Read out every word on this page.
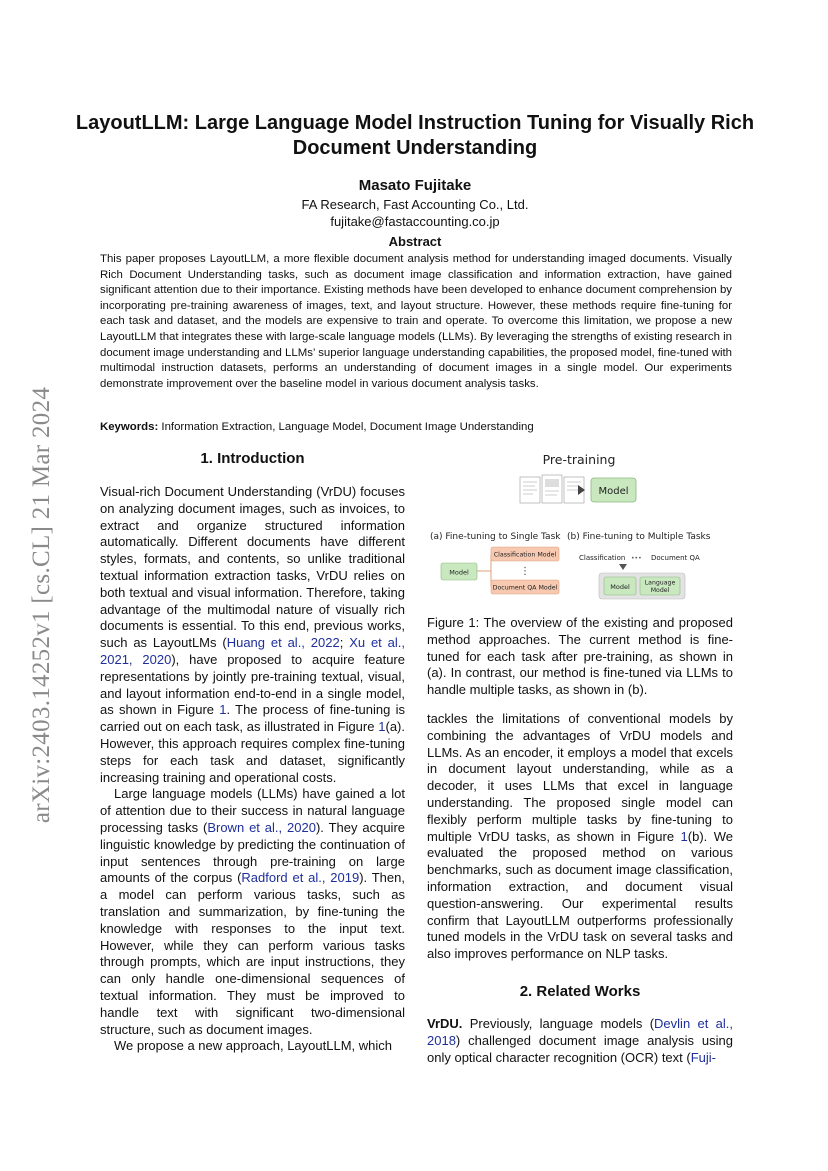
arXiv:2403.14252v1 [cs.CL] 21 Mar 2024
LayoutLLM: Large Language Model Instruction Tuning for Visually Rich Document Understanding
Masato Fujitake
FA Research, Fast Accounting Co., Ltd.
fujitake@fastaccounting.co.jp
Abstract
This paper proposes LayoutLLM, a more flexible document analysis method for understanding imaged documents. Visually Rich Document Understanding tasks, such as document image classification and information extraction, have gained significant attention due to their importance. Existing methods have been developed to enhance document comprehension by incorporating pre-training awareness of images, text, and layout structure. However, these methods require fine-tuning for each task and dataset, and the models are expensive to train and operate. To overcome this limitation, we propose a new LayoutLLM that integrates these with large-scale language models (LLMs). By leveraging the strengths of existing research in document image understanding and LLMs’ superior language understanding capabilities, the proposed model, fine-tuned with multimodal instruction datasets, performs an understanding of document images in a single model. Our experiments demonstrate improvement over the baseline model in various document analysis tasks.
Keywords: Information Extraction, Language Model, Document Image Understanding
1. Introduction

Visual-rich Document Understanding (VrDU) focuses on analyzing document images, such as invoices, to extract and organize structured information automatically. Different documents have different styles, formats, and contents, so unlike traditional textual information extraction tasks, VrDU relies on both textual and visual information. Therefore, taking advantage of the multimodal nature of visually rich documents is essential. To this end, previous works, such as LayoutLMs (Huang et al., 2022; Xu et al., 2021, 2020), have proposed to acquire feature representations by jointly pre-training textual, visual, and layout information end-to-end in a single model, as shown in Figure 1. The process of fine-tuning is carried out on each task, as illustrated in Figure 1(a). However, this approach requires complex fine-tuning steps for each task and dataset, significantly increasing training and operational costs.

Large language models (LLMs) have gained a lot of attention due to their success in natural language processing tasks (Brown et al., 2020). They acquire linguistic knowledge by predicting the continuation of input sentences through pre-training on large amounts of the corpus (Radford et al., 2019). Then, a model can perform various tasks, such as translation and summarization, by fine-tuning the knowledge with responses to the input text. However, while they can perform various tasks through prompts, which are input instructions, they can only handle one-dimensional sequences of textual information. They must be improved to handle text with significant two-dimensional structure, such as document images.

We propose a new approach, LayoutLLM, which

Pre-training
Model
(a) Fine-tuning to Single Task (b) Fine-tuning to Multiple Tasks
Model
Classification Model
⋮
Document QA Model
Classification ••• Document QA
Model Language
Model
Figure 1: The overview of the existing and proposed method approaches. The current method is fine-tuned for each task after pre-training, as shown in (a). In contrast, our method is fine-tuned via LLMs to handle multiple tasks, as shown in (b).

tackles the limitations of conventional models by combining the advantages of VrDU models and LLMs. As an encoder, it employs a model that excels in document layout understanding, while as a decoder, it uses LLMs that excel in language understanding. The proposed single model can flexibly perform multiple tasks by fine-tuning to multiple VrDU tasks, as shown in Figure 1(b). We evaluated the proposed method on various benchmarks, such as document image classification, information extraction, and document visual question-answering. Our experimental results confirm that LayoutLLM outperforms professionally tuned models in the VrDU task on several tasks and also improves performance on NLP tasks.

2. Related Works

VrDU. Previously, language models (Devlin et al., 2018) challenged document image analysis using only optical character recognition (OCR) text (Fuji-
